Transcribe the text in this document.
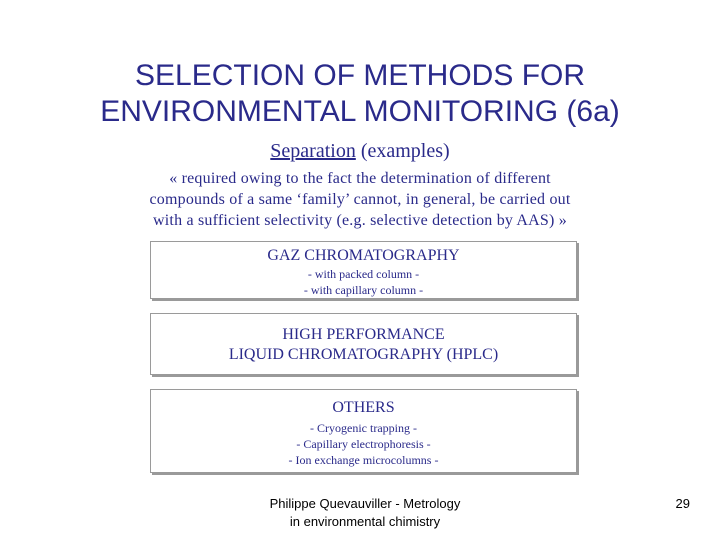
SELECTION OF METHODS FOR
ENVIRONMENTAL MONITORING (6a)
Separation (examples)
« required owing to the fact the determination of different
compounds of a same ‘family’ cannot, in general, be carried out
with a sufficient selectivity (e.g. selective detection by AAS) »
GAZ CHROMATOGRAPHY
- with packed column -
- with capillary column -
HIGH PERFORMANCE
LIQUID CHROMATOGRAPHY (HPLC)
OTHERS
- Cryogenic trapping -
- Capillary electrophoresis -
- Ion exchange microcolumns -
Philippe Quevauviller - Metrology
in environmental chimistry
29
